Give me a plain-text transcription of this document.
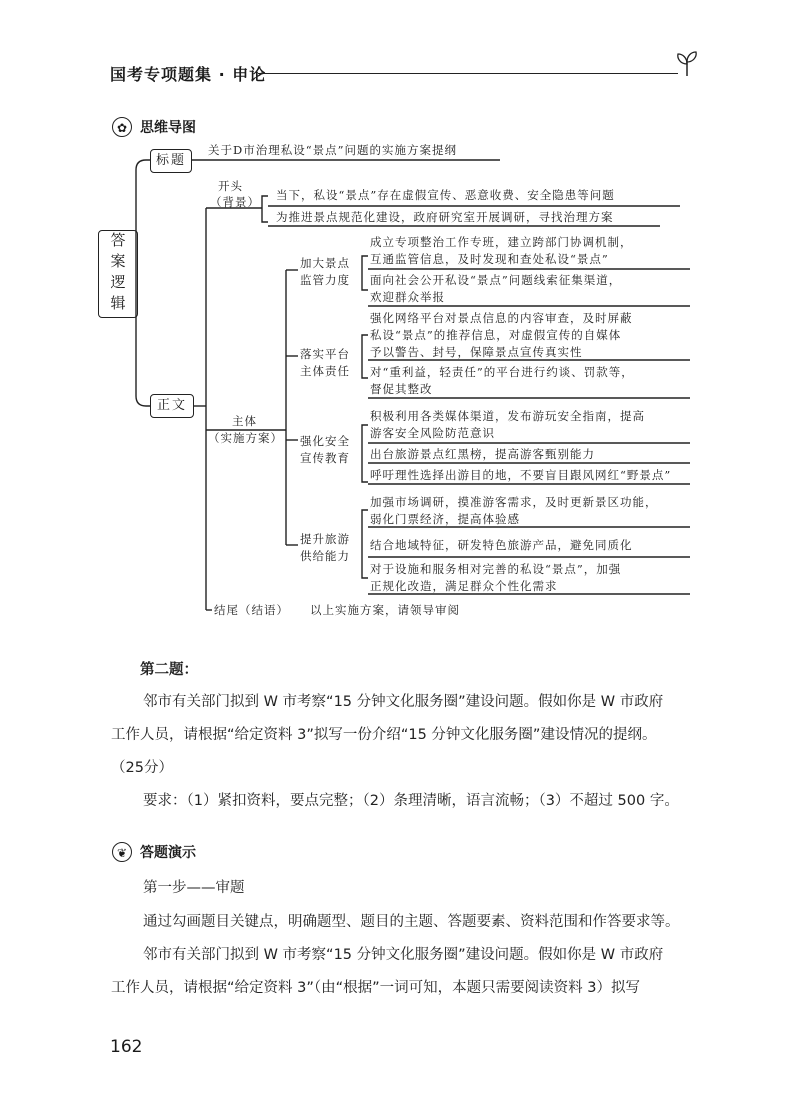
国考专项题集 · 申论
✿ 思维导图
答案逻辑
标题
关于D市治理私设“景点”问题的实施方案提纲
正文
开头
（背景） 当下，私设“景点”存在虚假宣传、恶意收费、安全隐患等问题
为推进景点规范化建设，政府研究室开展调研，寻找治理方案
主体
（实施方案）
加大景点
监管力度
成立专项整治工作专班，建立跨部门协调机制，
互通监管信息，及时发现和查处私设“景点”
面向社会公开私设“景点”问题线索征集渠道，
欢迎群众举报
落实平台
主体责任
强化网络平台对景点信息的内容审查，及时屏蔽
私设“景点”的推荐信息，对虚假宣传的自媒体
予以警告、封号，保障景点宣传真实性
对“重利益，轻责任”的平台进行约谈、罚款等，
督促其整改
强化安全
宣传教育
积极利用各类媒体渠道，发布游玩安全指南，提高
游客安全风险防范意识
出台旅游景点红黑榜，提高游客甄别能力
呼吁理性选择出游目的地，不要盲目跟风网红“野景点”
提升旅游
供给能力
加强市场调研，摸准游客需求，及时更新景区功能，
弱化门票经济，提高体验感
结合地域特征，研发特色旅游产品，避免同质化
对于设施和服务相对完善的私设“景点”，加强
正规化改造，满足群众个性化需求
结尾（结语） 以上实施方案，请领导审阅
第二题：
邻市有关部门拟到 W 市考察“15 分钟文化服务圈”建设问题。假如你是 W 市政府
工作人员，请根据“给定资料 3”拟写一份介绍“15 分钟文化服务圈”建设情况的提纲。
（25分）
要求：（1）紧扣资料，要点完整；（2）条理清晰，语言流畅；（3）不超过 500 字。
❦ 答题演示
第一步——审题
通过勾画题目关键点，明确题型、题目的主题、答题要素、资料范围和作答要求等。
邻市有关部门拟到 W 市考察“15 分钟文化服务圈”建设问题。假如你是 W 市政府
工作人员，请根据“给定资料 3”（由“根据”一词可知，本题只需要阅读资料 3）拟写
162
